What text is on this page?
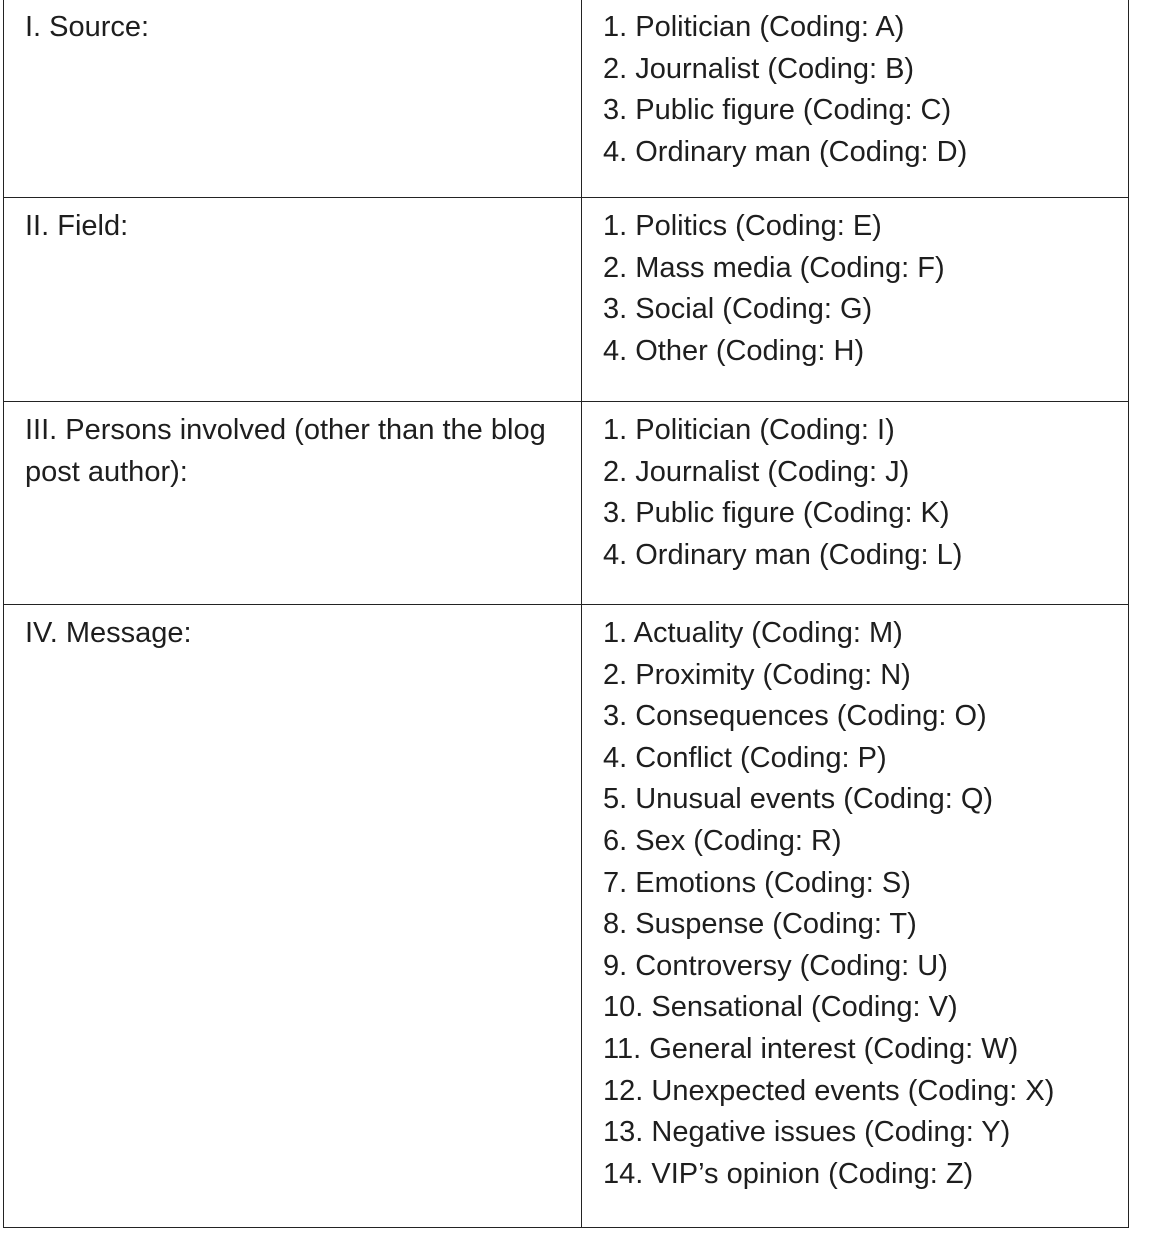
I. Source:	1. Politician (Coding: A)
2. Journalist (Coding: B)
3. Public figure (Coding: C)
4. Ordinary man (Coding: D)

II. Field:	1. Politics (Coding: E)
2. Mass media (Coding: F)
3. Social (Coding: G)
4. Other (Coding: H)

III. Persons involved (other than the blog post author):	1. Politician (Coding: I)
2. Journalist (Coding: J)
3. Public figure (Coding: K)
4. Ordinary man (Coding: L)

IV. Message:	1. Actuality (Coding: M)
2. Proximity (Coding: N)
3. Consequences (Coding: O)
4. Conflict (Coding: P)
5. Unusual events (Coding: Q)
6. Sex (Coding: R)
7. Emotions (Coding: S)
8. Suspense (Coding: T)
9. Controversy (Coding: U)
10. Sensational (Coding: V)
11. General interest (Coding: W)
12. Unexpected events (Coding: X)
13. Negative issues (Coding: Y)
14. VIP’s opinion (Coding: Z)
